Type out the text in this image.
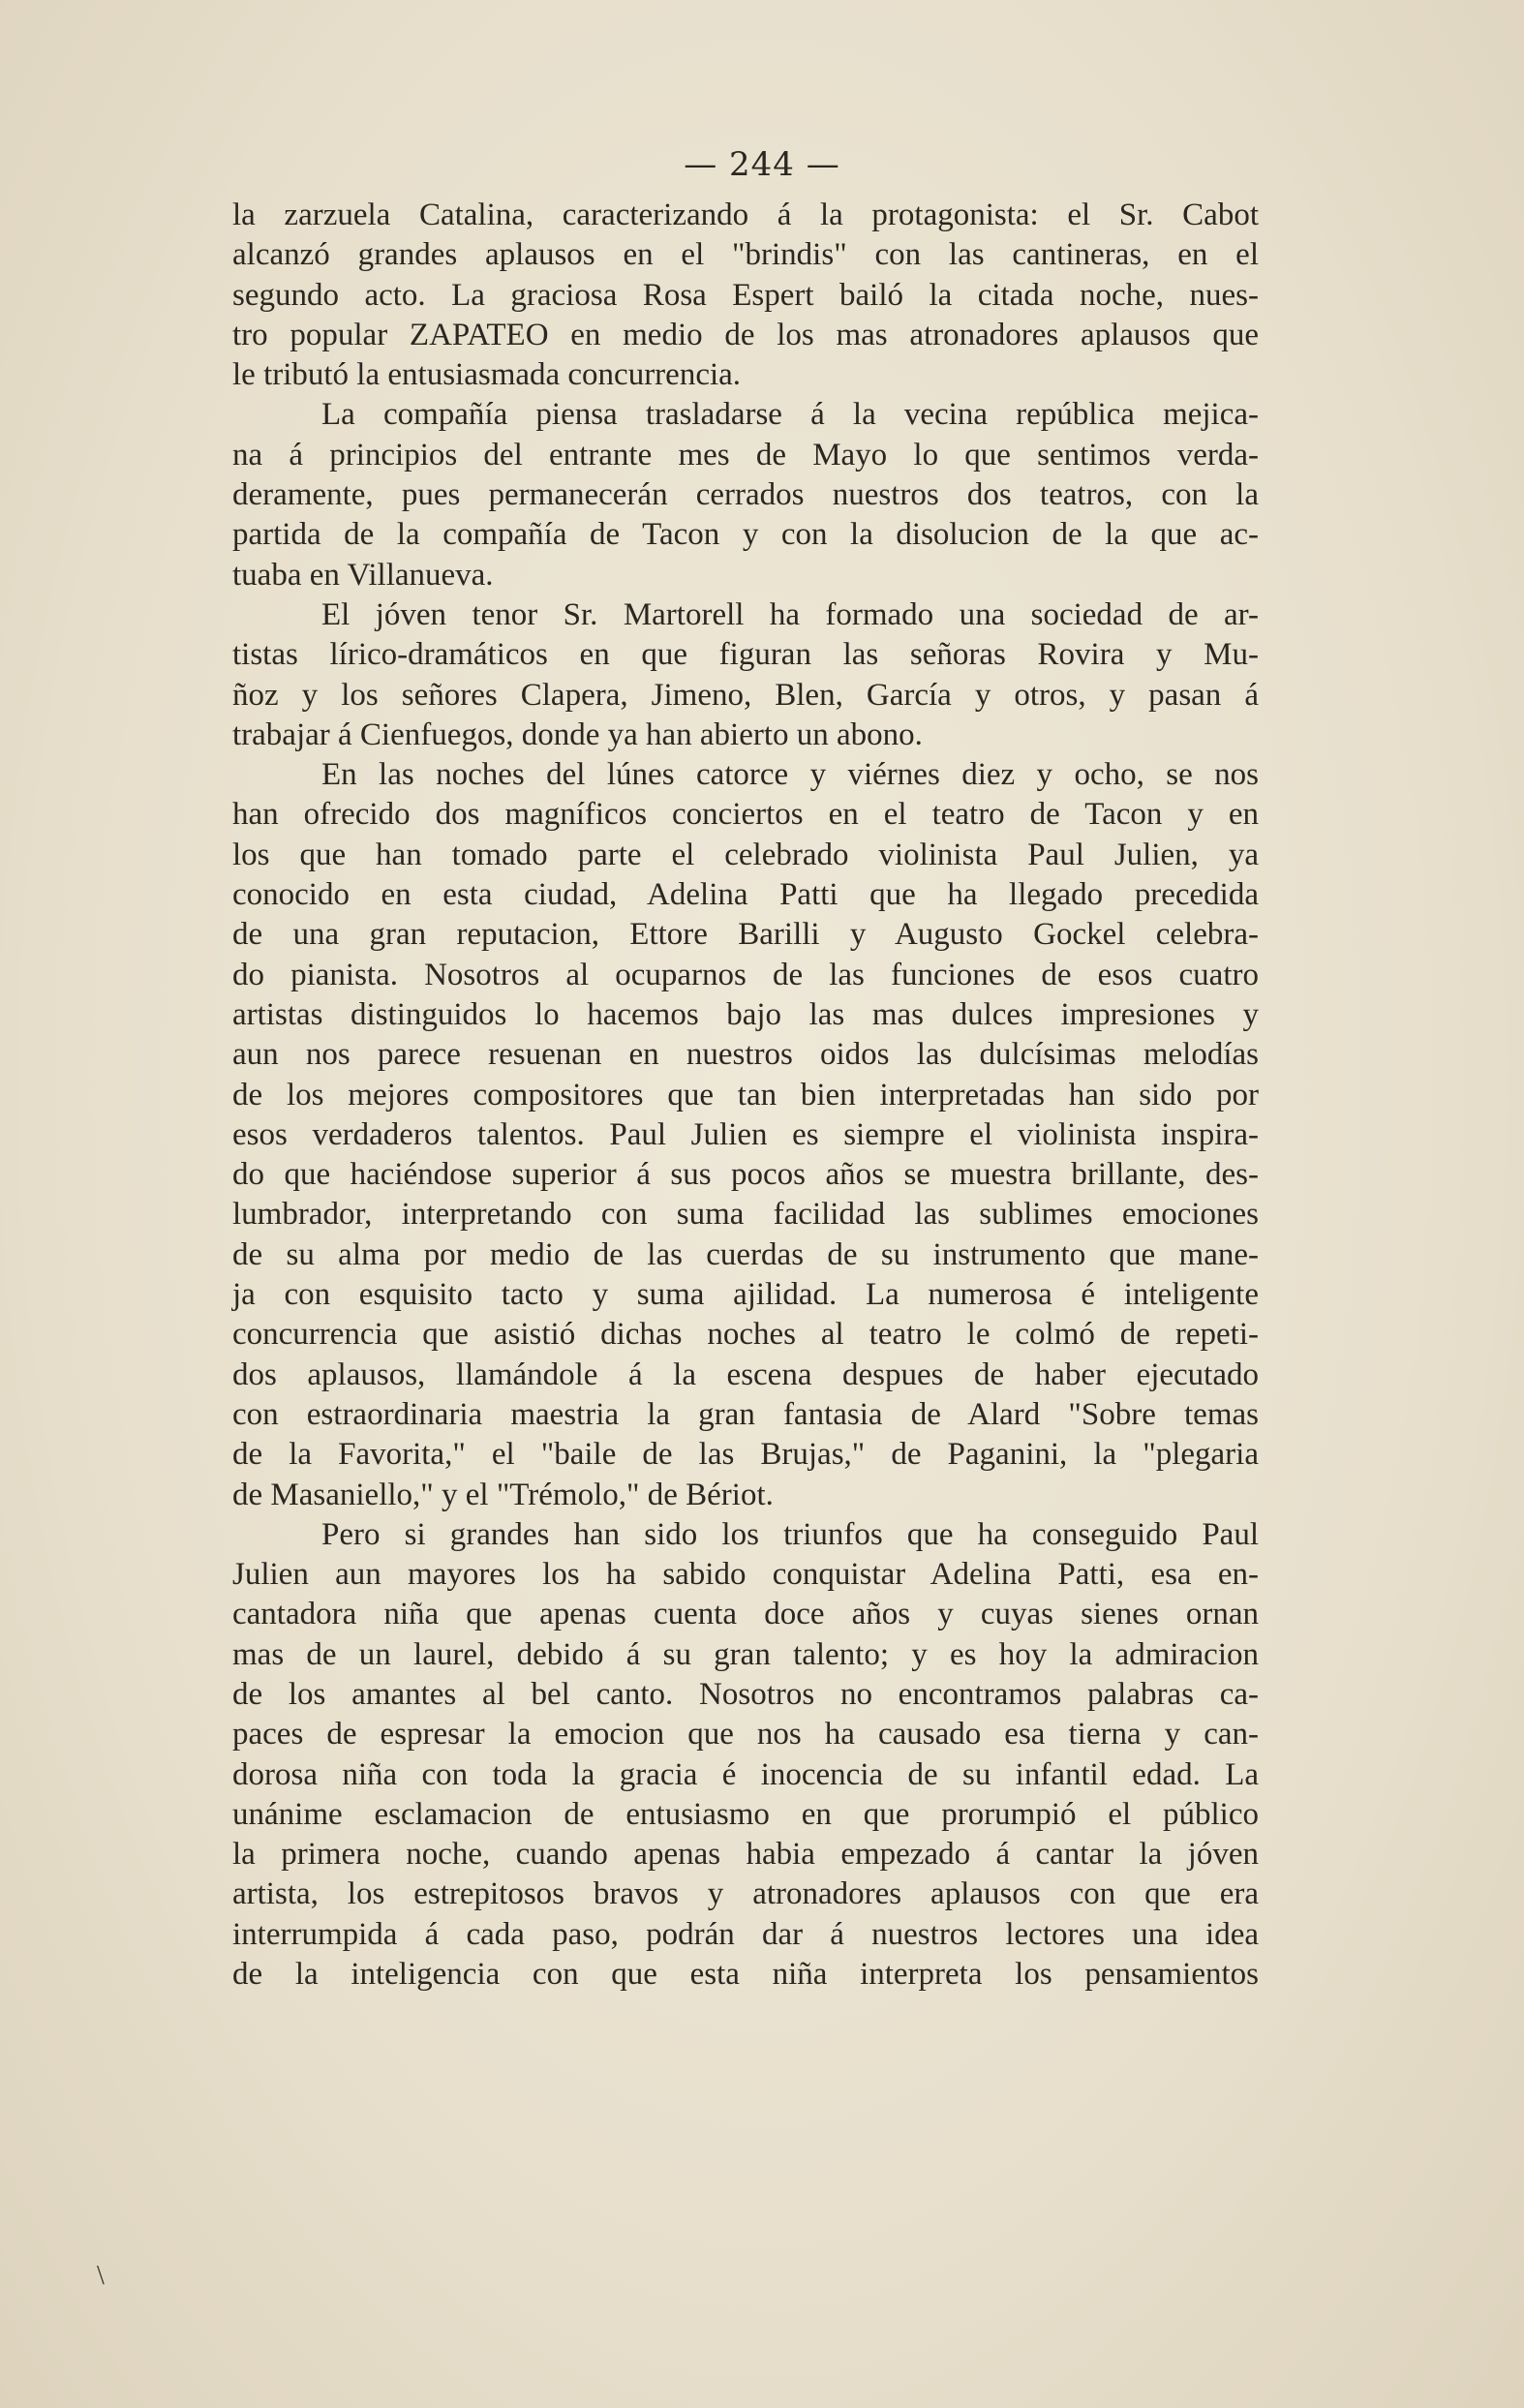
— 244 —
la zarzuela Catalina, caracterizando á la protagonista: el Sr. Cabot
alcanzó grandes aplausos en el "brindis" con las cantineras, en el
segundo acto. La graciosa Rosa Espert bailó la citada noche, nues-
tro popular ZAPATEO en medio de los mas atronadores aplausos que
le tributó la entusiasmada concurrencia.
La compañía piensa trasladarse á la vecina república mejica-
na á principios del entrante mes de Mayo lo que sentimos verda-
deramente, pues permanecerán cerrados nuestros dos teatros, con la
partida de la compañía de Tacon y con la disolucion de la que ac-
tuaba en Villanueva.
El jóven tenor Sr. Martorell ha formado una sociedad de ar-
tistas lírico-dramáticos en que figuran las señoras Rovira y Mu-
ñoz y los señores Clapera, Jimeno, Blen, García y otros, y pasan á
trabajar á Cienfuegos, donde ya han abierto un abono.
En las noches del lúnes catorce y viérnes diez y ocho, se nos
han ofrecido dos magníficos conciertos en el teatro de Tacon y en
los que han tomado parte el celebrado violinista Paul Julien, ya
conocido en esta ciudad, Adelina Patti que ha llegado precedida
de una gran reputacion, Ettore Barilli y Augusto Gockel celebra-
do pianista. Nosotros al ocuparnos de las funciones de esos cuatro
artistas distinguidos lo hacemos bajo las mas dulces impresiones y
aun nos parece resuenan en nuestros oidos las dulcísimas melodías
de los mejores compositores que tan bien interpretadas han sido por
esos verdaderos talentos. Paul Julien es siempre el violinista inspira-
do que haciéndose superior á sus pocos años se muestra brillante, des-
lumbrador, interpretando con suma facilidad las sublimes emociones
de su alma por medio de las cuerdas de su instrumento que mane-
ja con esquisito tacto y suma ajilidad. La numerosa é inteligente
concurrencia que asistió dichas noches al teatro le colmó de repeti-
dos aplausos, llamándole á la escena despues de haber ejecutado
con estraordinaria maestria la gran fantasia de Alard "Sobre temas
de la Favorita," el "baile de las Brujas," de Paganini, la "plegaria
de Masaniello," y el "Trémolo," de Bériot.
Pero si grandes han sido los triunfos que ha conseguido Paul
Julien aun mayores los ha sabido conquistar Adelina Patti, esa en-
cantadora niña que apenas cuenta doce años y cuyas sienes ornan
mas de un laurel, debido á su gran talento; y es hoy la admiracion
de los amantes al bel canto. Nosotros no encontramos palabras ca-
paces de espresar la emocion que nos ha causado esa tierna y can-
dorosa niña con toda la gracia é inocencia de su infantil edad. La
unánime esclamacion de entusiasmo en que prorumpió el público
la primera noche, cuando apenas habia empezado á cantar la jóven
artista, los estrepitosos bravos y atronadores aplausos con que era
interrumpida á cada paso, podrán dar á nuestros lectores una idea
de la inteligencia con que esta niña interpreta los pensamientos
\
